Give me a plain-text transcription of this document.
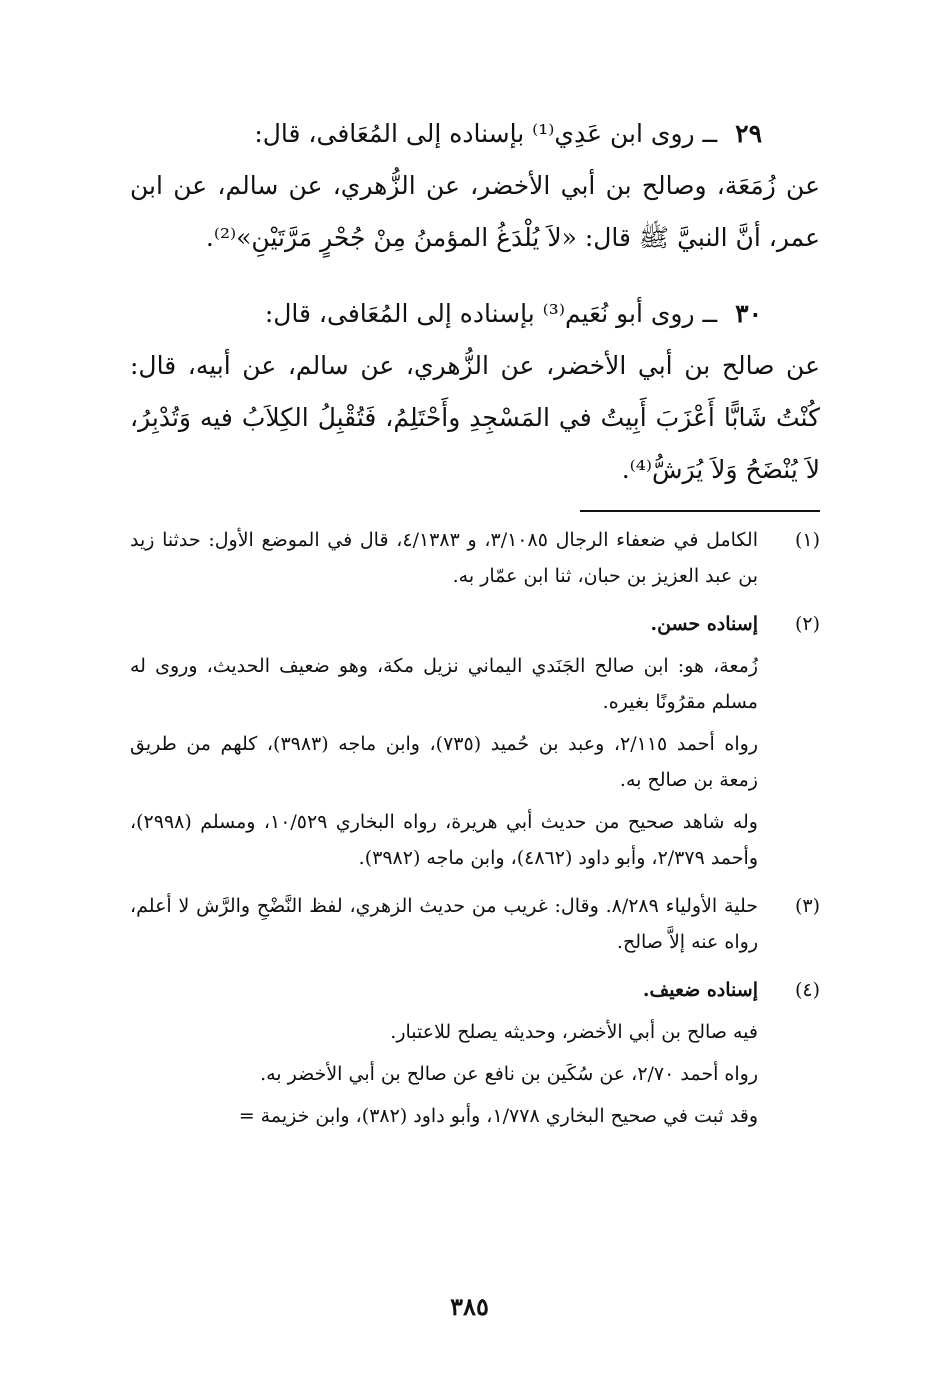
٢٩ ــ روى ابن عَدِي⁽¹⁾ بإسناده إلى المُعَافى، قال:

عن زُمَعَة، وصالح بن أبي الأخضر، عن الزُّهري، عن سالم، عن ابن عمر، أنَّ النبيَّ ﷺ قال: «لاَ يُلْدَغُ المؤمنُ مِنْ جُحْرٍ مَرَّتَيْنِ»⁽²⁾.

٣٠ ــ روى أبو نُعَيم⁽³⁾ بإسناده إلى المُعَافى، قال:

عن صالح بن أبي الأخضر، عن الزُّهري، عن سالم، عن أبيه، قال: كُنْتُ شَابًّا أَعْزَبَ أَبِيتُ في المَسْجِدِ وأَحْتَلِمُ، فَتُقْبِلُ الكِلاَبُ فيه وَتُدْبِرُ، لاَ يُنْضَحُ وَلاَ يُرَشُّ⁽⁴⁾.

(١)

الكامل في ضعفاء الرجال ٣/١٠٨٥، و ٤/١٣٨٣، قال في الموضع الأول: حدثنا زيد بن عبد العزيز بن حبان، ثنا ابن عمّار به.

(٢)

إسناده حسن.

زُمعة، هو: ابن صالح الجَنَدي اليماني نزيل مكة، وهو ضعيف الحديث، وروى له مسلم مقرُونًا بغيره.

رواه أحمد ٢/١١٥، وعبد بن حُميد (٧٣٥)، وابن ماجه (٣٩٨٣)، كلهم من طريق زمعة بن صالح به.

وله شاهد صحيح من حديث أبي هريرة، رواه البخاري ١٠/٥٢٩، ومسلم (٢٩٩٨)، وأحمد ٢/٣٧٩، وأبو داود (٤٨٦٢)، وابن ماجه (٣٩٨٢).

(٣)

حلية الأولياء ٨/٢٨٩. وقال: غريب من حديث الزهري، لفظ النَّضْحِ والرَّش لا أعلم، رواه عنه إلاَّ صالح.

(٤)

إسناده ضعيف.

فيه صالح بن أبي الأخضر، وحديثه يصلح للاعتبار.

رواه أحمد ٢/٧٠، عن سُكَين بن نافع عن صالح بن أبي الأخضر به.

وقد ثبت في صحيح البخاري ١/٧٧٨، وأبو داود (٣٨٢)، وابن خزيمة =

٣٨٥
